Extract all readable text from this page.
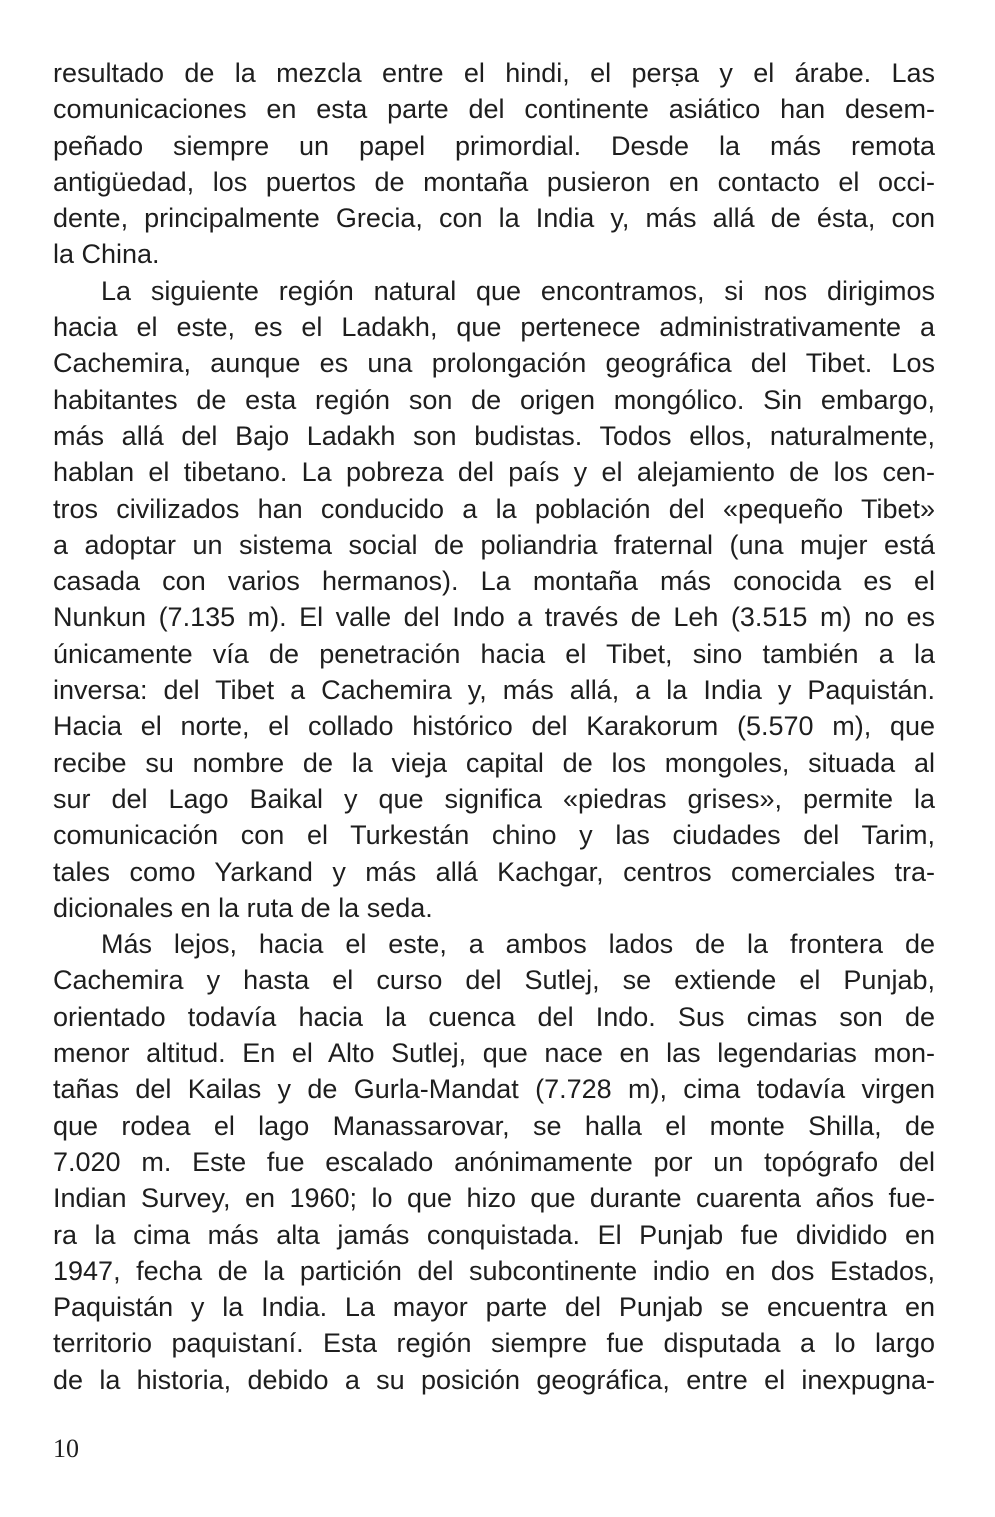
resultado de la mezcla entre el hindi, el perṣa y el árabe. Las
comunicaciones en esta parte del continente asiático han desem-
peñado siempre un papel primordial. Desde la más remota
antigüedad, los puertos de montaña pusieron en contacto el occi-
dente, principalmente Grecia, con la India y, más allá de ésta, con
la China.
La siguiente región natural que encontramos, si nos dirigimos
hacia el este, es el Ladakh, que pertenece administrativamente a
Cachemira, aunque es una prolongación geográfica del Tibet. Los
habitantes de esta región son de origen mongólico. Sin embargo,
más allá del Bajo Ladakh son budistas. Todos ellos, naturalmente,
hablan el tibetano. La pobreza del país y el alejamiento de los cen-
tros civilizados han conducido a la población del «pequeño Tibet»
a adoptar un sistema social de poliandria fraternal (una mujer está
casada con varios hermanos). La montaña más conocida es el
Nunkun (7.135 m). El valle del Indo a través de Leh (3.515 m) no es
únicamente vía de penetración hacia el Tibet, sino también a la
inversa: del Tibet a Cachemira y, más allá, a la India y Paquistán.
Hacia el norte, el collado histórico del Karakorum (5.570 m), que
recibe su nombre de la vieja capital de los mongoles, situada al
sur del Lago Baikal y que significa «piedras grises», permite la
comunicación con el Turkestán chino y las ciudades del Tarim,
tales como Yarkand y más allá Kachgar, centros comerciales tra-
dicionales en la ruta de la seda.
Más lejos, hacia el este, a ambos lados de la frontera de
Cachemira y hasta el curso del Sutlej, se extiende el Punjab,
orientado todavía hacia la cuenca del Indo. Sus cimas son de
menor altitud. En el Alto Sutlej, que nace en las legendarias mon-
tañas del Kailas y de Gurla-Mandat (7.728 m), cima todavía virgen
que rodea el lago Manassarovar, se halla el monte Shilla, de
7.020 m. Este fue escalado anónimamente por un topógrafo del
Indian Survey, en 1960; lo que hizo que durante cuarenta años fue-
ra la cima más alta jamás conquistada. El Punjab fue dividido en
1947, fecha de la partición del subcontinente indio en dos Estados,
Paquistán y la India. La mayor parte del Punjab se encuentra en
territorio paquistaní. Esta región siempre fue disputada a lo largo
de la historia, debido a su posición geográfica, entre el inexpugna-
10
